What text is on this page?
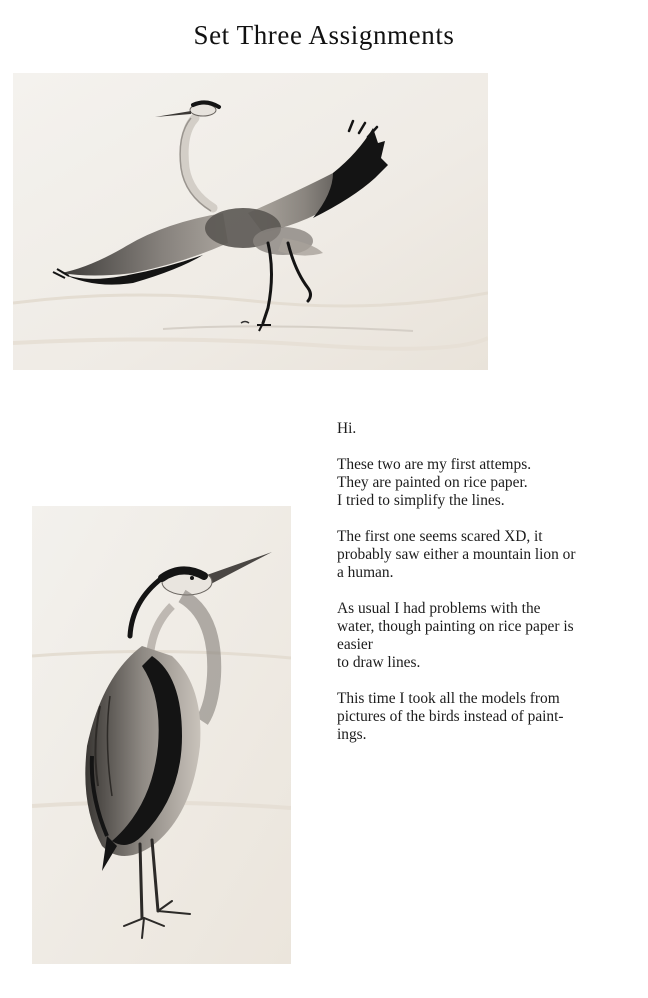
Set Three Assignments

Hi.

These two are my first attemps.
They are painted on rice paper.
I tried to simplify the lines.

The first one seems scared XD, it
probably saw either a mountain lion or
a human.

As usual I had problems with the
water, though painting on rice paper is
easier
to draw lines.

This time I took all the models from
pictures of the birds instead of paint-
ings.
